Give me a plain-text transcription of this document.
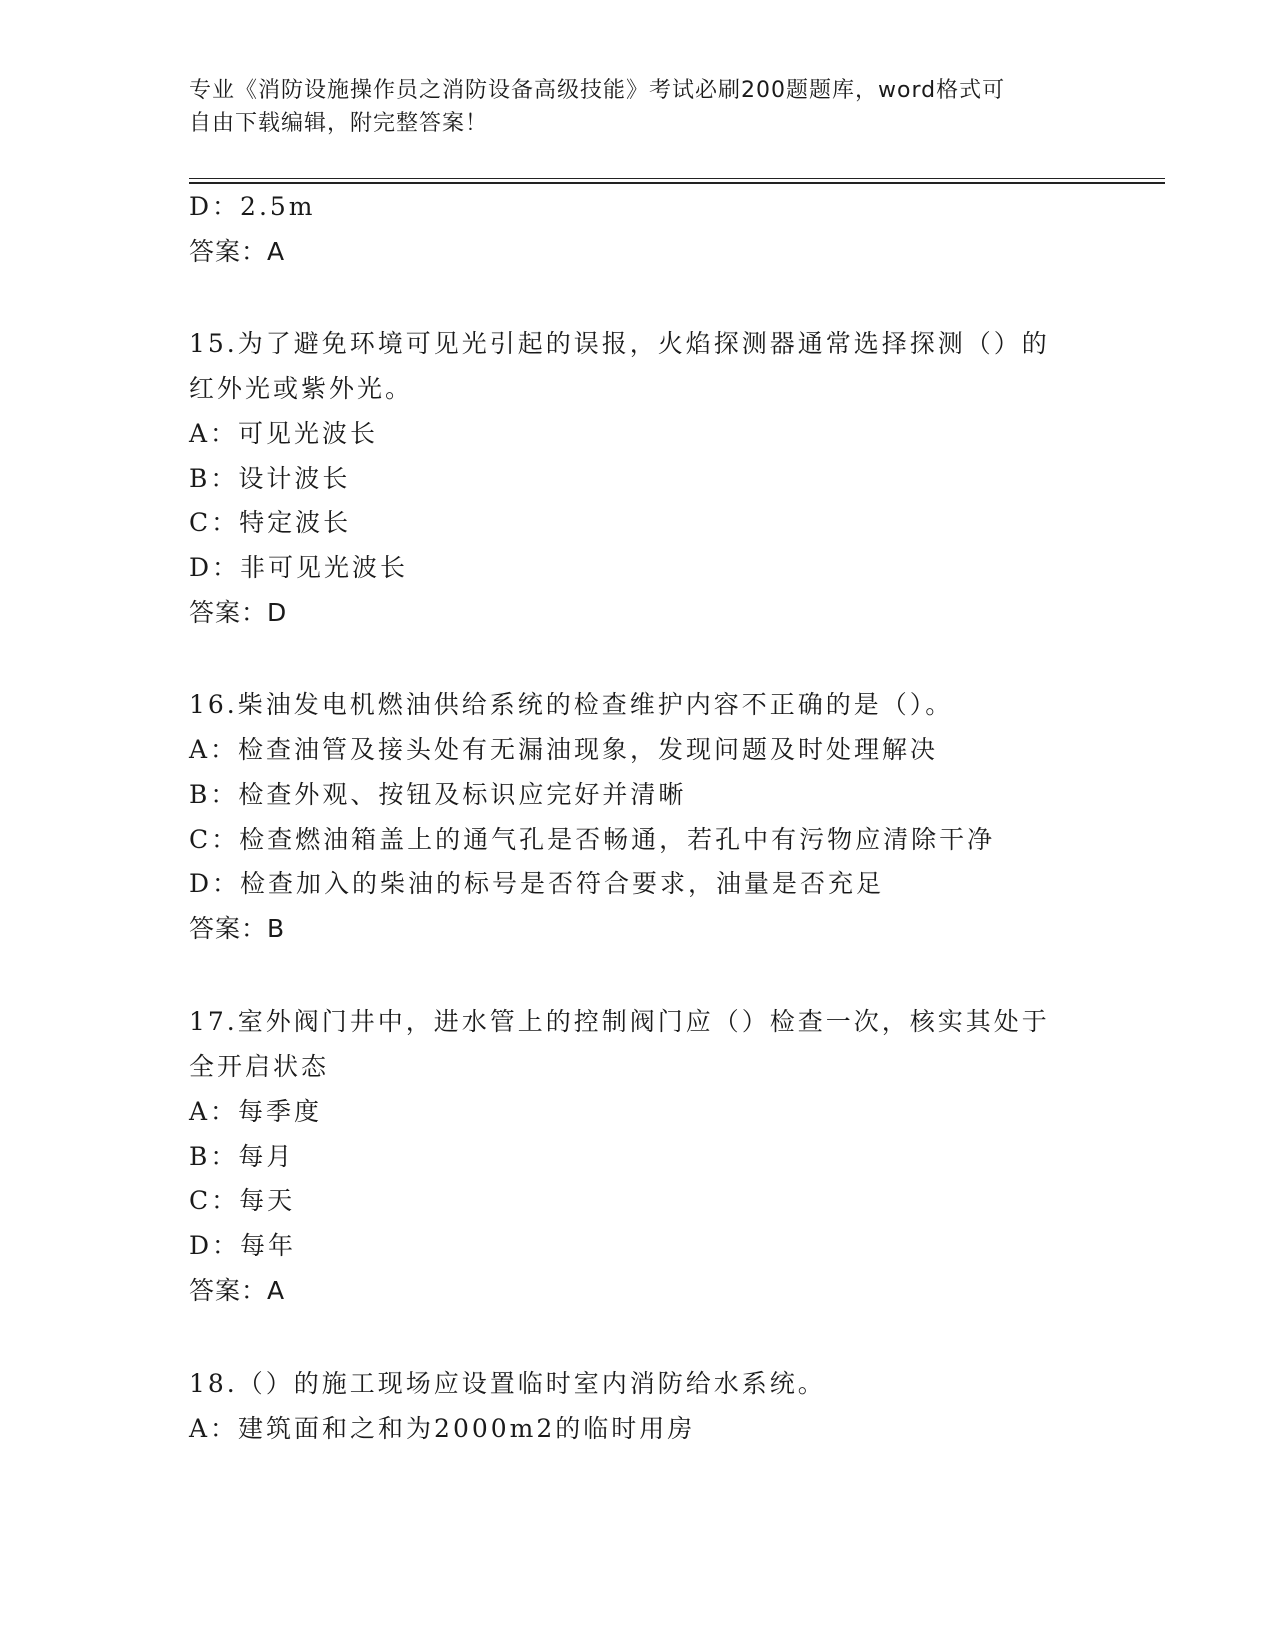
专业《消防设施操作员之消防设备高级技能》考试必刷200题题库，word格式可
自由下载编辑，附完整答案！
D：2.5m
答案：A
15.为了避免环境可见光引起的误报，火焰探测器通常选择探测（）的
红外光或紫外光。
A：可见光波长
B：设计波长
C：特定波长
D：非可见光波长
答案：D
16.柴油发电机燃油供给系统的检查维护内容不正确的是（）。
A：检查油管及接头处有无漏油现象，发现问题及时处理解决
B：检查外观、按钮及标识应完好并清晰
C：检查燃油箱盖上的通气孔是否畅通，若孔中有污物应清除干净
D：检查加入的柴油的标号是否符合要求，油量是否充足
答案：B
17.室外阀门井中，进水管上的控制阀门应（）检查一次，核实其处于
全开启状态
A：每季度
B：每月
C：每天
D：每年
答案：A
18.（）的施工现场应设置临时室内消防给水系统。
A：建筑面和之和为2000m2的临时用房
